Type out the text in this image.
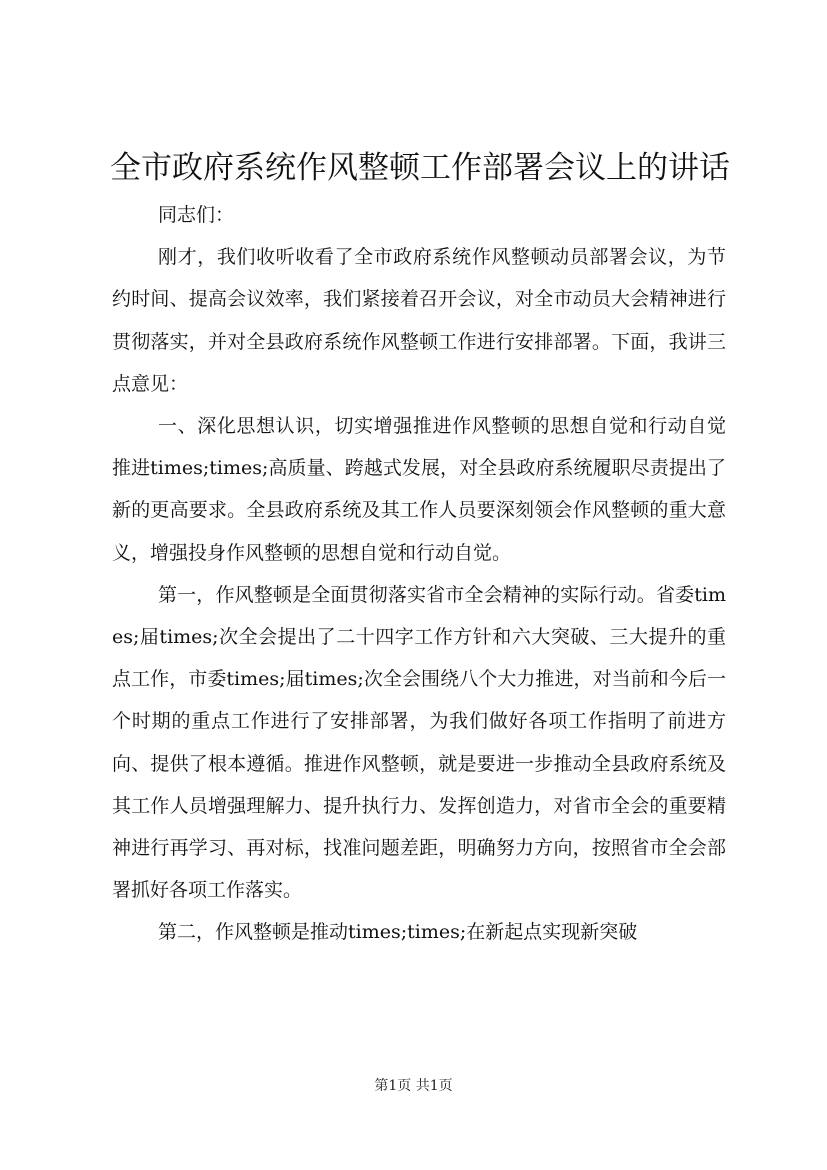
全市政府系统作风整顿工作部署会议上的讲话

同志们：

刚才，我们收听收看了全市政府系统作风整顿动员部署会议，为节约时间、提高会议效率，我们紧接着召开会议，对全市动员大会精神进行贯彻落实，并对全县政府系统作风整顿工作进行安排部署。下面，我讲三点意见：

一、深化思想认识，切实增强推进作风整顿的思想自觉和行动自觉推进times;times;高质量、跨越式发展，对全县政府系统履职尽责提出了新的更高要求。全县政府系统及其工作人员要深刻领会作风整顿的重大意义，增强投身作风整顿的思想自觉和行动自觉。

第一，作风整顿是全面贯彻落实省市全会精神的实际行动。省委times;届times;次全会提出了二十四字工作方针和六大突破、三大提升的重点工作，市委times;届times;次全会围绕八个大力推进，对当前和今后一个时期的重点工作进行了安排部署，为我们做好各项工作指明了前进方向、提供了根本遵循。推进作风整顿，就是要进一步推动全县政府系统及其工作人员增强理解力、提升执行力、发挥创造力，对省市全会的重要精神进行再学习、再对标，找准问题差距，明确努力方向，按照省市全会部署抓好各项工作落实。

第二，作风整顿是推动times;times;在新起点实现新突破

第1页 共1页
